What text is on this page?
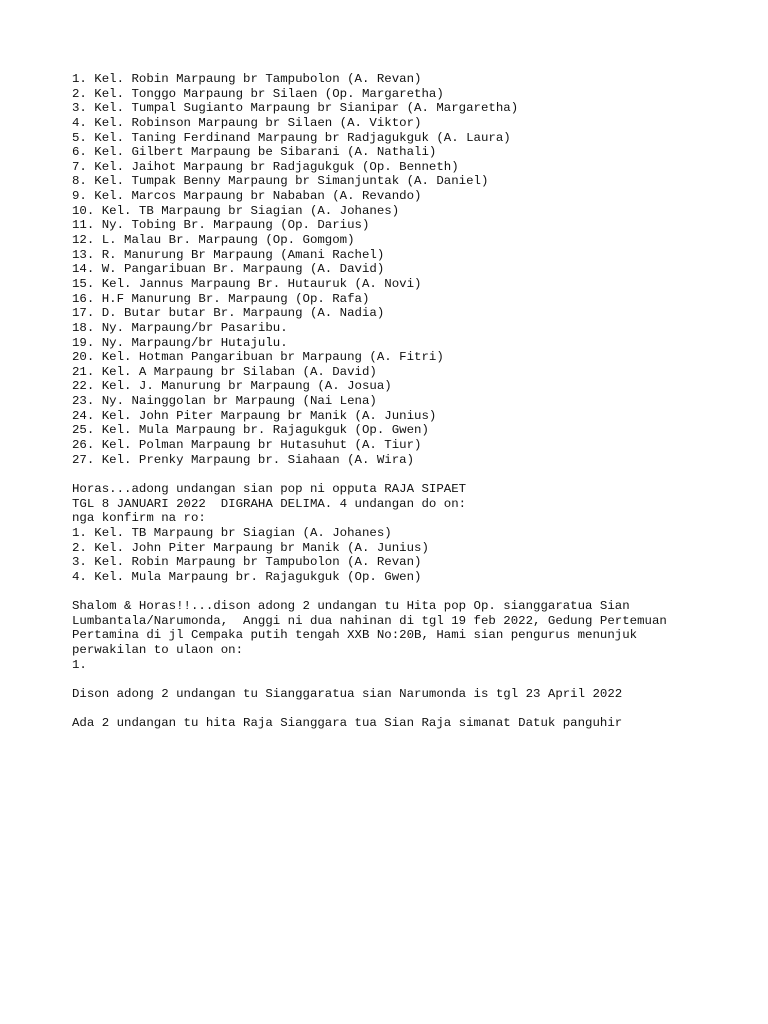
1. Kel. Robin Marpaung br Tampubolon (A. Revan)

2. Kel. Tonggo Marpaung br Silaen (Op. Margaretha)

3. Kel. Tumpal Sugianto Marpaung br Sianipar (A. Margaretha)

4. Kel. Robinson Marpaung br Silaen (A. Viktor)

5. Kel. Taning Ferdinand Marpaung br Radjagukguk (A. Laura)

6. Kel. Gilbert Marpaung be Sibarani (A. Nathali)

7. Kel. Jaihot Marpaung br Radjagukguk (Op. Benneth)

8. Kel. Tumpak Benny Marpaung br Simanjuntak (A. Daniel)

9. Kel. Marcos Marpaung br Nababan (A. Revando)

10. Kel. TB Marpaung br Siagian (A. Johanes)

11. Ny. Tobing Br. Marpaung (Op. Darius)

12. L. Malau Br. Marpaung (Op. Gomgom)

13. R. Manurung Br Marpaung (Amani Rachel)

14. W. Pangaribuan Br. Marpaung (A. David)

15. Kel. Jannus Marpaung Br. Hutauruk (A. Novi)

16. H.F Manurung Br. Marpaung (Op. Rafa)

17. D. Butar butar Br. Marpaung (A. Nadia)

18. Ny. Marpaung/br Pasaribu.

19. Ny. Marpaung/br Hutajulu.

20. Kel. Hotman Pangaribuan br Marpaung (A. Fitri)

21. Kel. A Marpaung br Silaban (A. David)

22. Kel. J. Manurung br Marpaung (A. Josua)

23. Ny. Nainggolan br Marpaung (Nai Lena)

24. Kel. John Piter Marpaung br Manik (A. Junius)

25. Kel. Mula Marpaung br. Rajagukguk (Op. Gwen)

26. Kel. Polman Marpaung br Hutasuhut (A. Tiur)

27. Kel. Prenky Marpaung br. Siahaan (A. Wira)

Horas...adong undangan sian pop ni opputa RAJA SIPAET

TGL 8 JANUARI 2022  DIGRAHA DELIMA. 4 undangan do on:

nga konfirm na ro:

1. Kel. TB Marpaung br Siagian (A. Johanes)

2. Kel. John Piter Marpaung br Manik (A. Junius)

3. Kel. Robin Marpaung br Tampubolon (A. Revan)

4. Kel. Mula Marpaung br. Rajagukguk (Op. Gwen)

Shalom & Horas!!...dison adong 2 undangan tu Hita pop Op. sianggaratua Sian

Lumbantala/Narumonda,  Anggi ni dua nahinan di tgl 19 feb 2022, Gedung Pertemuan

Pertamina di jl Cempaka putih tengah XXB No:20B, Hami sian pengurus menunjuk

perwakilan to ulaon on:

1.

Dison adong 2 undangan tu Sianggaratua sian Narumonda is tgl 23 April 2022

Ada 2 undangan tu hita Raja Sianggara tua Sian Raja simanat Datuk panguhir
